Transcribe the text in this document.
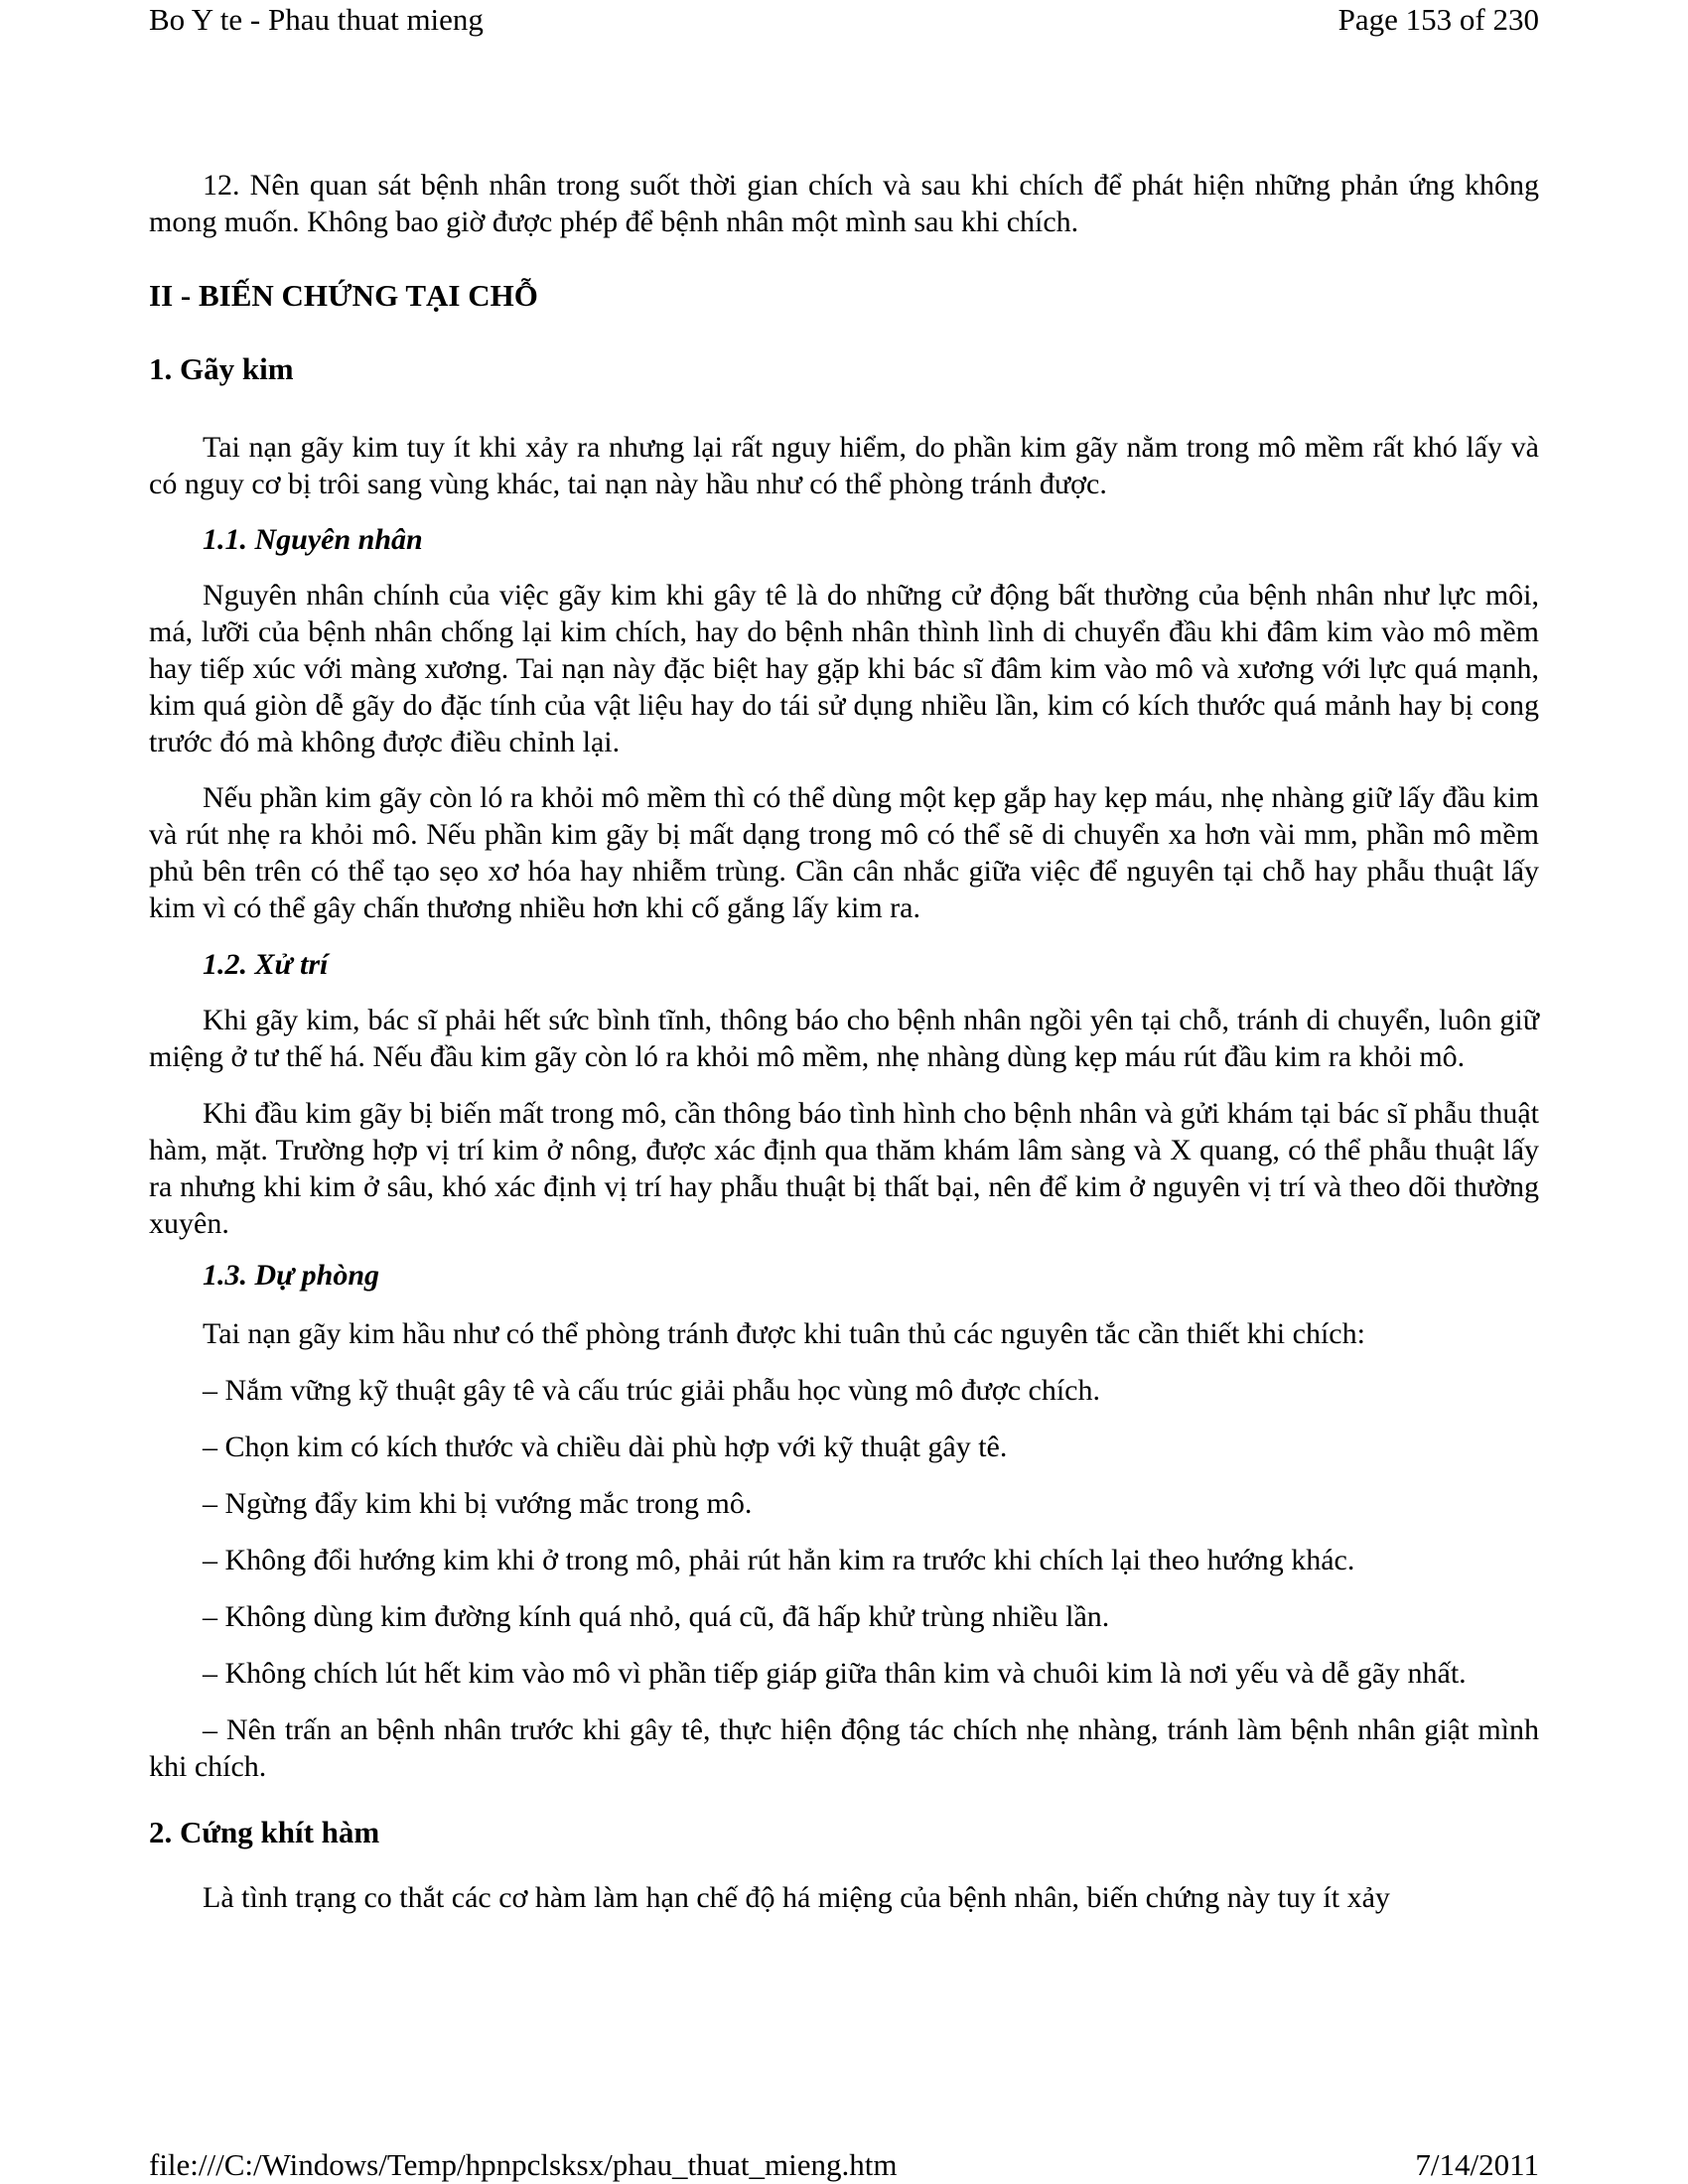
Bo Y te - Phau thuat mieng	Page 153 of 230

12. Nên quan sát bệnh nhân trong suốt thời gian chích và sau khi chích để phát hiện những phản ứng không mong muốn. Không bao giờ được phép để bệnh nhân một mình sau khi chích.

II - BIẾN CHỨNG TẠI CHỖ

1. Gãy kim

Tai nạn gãy kim tuy ít khi xảy ra nhưng lại rất nguy hiểm, do phần kim gãy nằm trong mô mềm rất khó lấy và có nguy cơ bị trôi sang vùng khác, tai nạn này hầu như có thể phòng tránh được.

1.1. Nguyên nhân

Nguyên nhân chính của việc gãy kim khi gây tê là do những cử động bất thường của bệnh nhân như lực môi, má, lưỡi của bệnh nhân chống lại kim chích, hay do bệnh nhân thình lình di chuyển đầu khi đâm kim vào mô mềm hay tiếp xúc với màng xương. Tai nạn này đặc biệt hay gặp khi bác sĩ đâm kim vào mô và xương với lực quá mạnh, kim quá giòn dễ gãy do đặc tính của vật liệu hay do tái sử dụng nhiều lần, kim có kích thước quá mảnh hay bị cong trước đó mà không được điều chỉnh lại.

Nếu phần kim gãy còn ló ra khỏi mô mềm thì có thể dùng một kẹp gắp hay kẹp máu, nhẹ nhàng giữ lấy đầu kim và rút nhẹ ra khỏi mô. Nếu phần kim gãy bị mất dạng trong mô có thể sẽ di chuyển xa hơn vài mm, phần mô mềm phủ bên trên có thể tạo sẹo xơ hóa hay nhiễm trùng. Cần cân nhắc giữa việc để nguyên tại chỗ hay phẫu thuật lấy kim vì có thể gây chấn thương nhiều hơn khi cố gắng lấy kim ra.

1.2. Xử trí

Khi gãy kim, bác sĩ phải hết sức bình tĩnh, thông báo cho bệnh nhân ngồi yên tại chỗ, tránh di chuyển, luôn giữ miệng ở tư thế há. Nếu đầu kim gãy còn ló ra khỏi mô mềm, nhẹ nhàng dùng kẹp máu rút đầu kim ra khỏi mô.

Khi đầu kim gãy bị biến mất trong mô, cần thông báo tình hình cho bệnh nhân và gửi khám tại bác sĩ phẫu thuật hàm, mặt. Trường hợp vị trí kim ở nông, được xác định qua thăm khám lâm sàng và X quang, có thể phẫu thuật lấy ra nhưng khi kim ở sâu, khó xác định vị trí hay phẫu thuật bị thất bại, nên để kim ở nguyên vị trí và theo dõi thường xuyên.

1.3. Dự phòng

Tai nạn gãy kim hầu như có thể phòng tránh được khi tuân thủ các nguyên tắc cần thiết khi chích:

– Nắm vững kỹ thuật gây tê và cấu trúc giải phẫu học vùng mô được chích.

– Chọn kim có kích thước và chiều dài phù hợp với kỹ thuật gây tê.

– Ngừng đẩy kim khi bị vướng mắc trong mô.

– Không đổi hướng kim khi ở trong mô, phải rút hẳn kim ra trước khi chích lại theo hướng khác.

– Không dùng kim đường kính quá nhỏ, quá cũ, đã hấp khử trùng nhiều lần.

– Không chích lút hết kim vào mô vì phần tiếp giáp giữa thân kim và chuôi kim là nơi yếu và dễ gãy nhất.

– Nên trấn an bệnh nhân trước khi gây tê, thực hiện động tác chích nhẹ nhàng, tránh làm bệnh nhân giật mình khi chích.

2. Cứng khít hàm

Là tình trạng co thắt các cơ hàm làm hạn chế độ há miệng của bệnh nhân, biến chứng này tuy ít xảy

file:///C:/Windows/Temp/hpnpclsksx/phau_thuat_mieng.htm	7/14/2011
